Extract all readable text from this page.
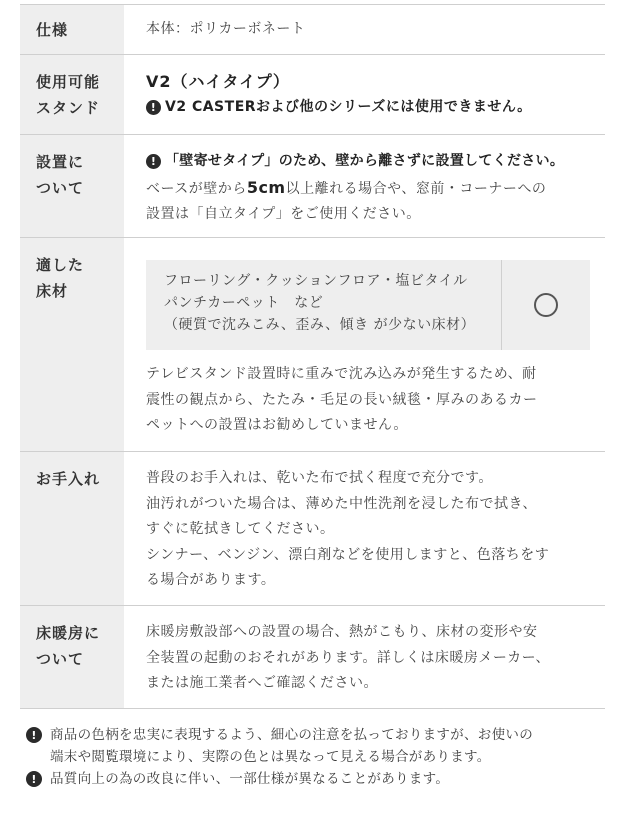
仕様	本体：ポリカーボネート
使用可能
スタンド
V2（ハイタイプ）
! V2 CASTERおよび他のシリーズには使用できません。
設置に
ついて
! 「壁寄せタイプ」のため、壁から離さずに設置してください。
ベースが壁から5cm以上離れる場合や、窓前・コーナーへの
設置は「自立タイプ」をご使用ください。
適した
床材
フローリング・クッションフロア・塩ビタイル
パンチカーペット　など
（硬質で沈みこみ、歪み、傾き が少ない床材）
テレビスタンド設置時に重みで沈み込みが発生するため、耐
震性の観点から、たたみ・毛足の長い絨毯・厚みのあるカー
ペットへの設置はお勧めしていません。
お手入れ	普段のお手入れは、乾いた布で拭く程度で充分です。
油汚れがついた場合は、薄めた中性洗剤を浸した布で拭き、
すぐに乾拭きしてください。
シンナー、ベンジン、漂白剤などを使用しますと、色落ちをす
る場合があります。
床暖房に
ついて
床暖房敷設部への設置の場合、熱がこもり、床材の変形や安
全装置の起動のおそれがあります。詳しくは床暖房メーカー、
または施工業者へご確認ください。
! 商品の色柄を忠実に表現するよう、細心の注意を払っておりますが、お使いの
端末や閲覧環境により、実際の色とは異なって見える場合があります。
! 品質向上の為の改良に伴い、一部仕様が異なることがあります。
